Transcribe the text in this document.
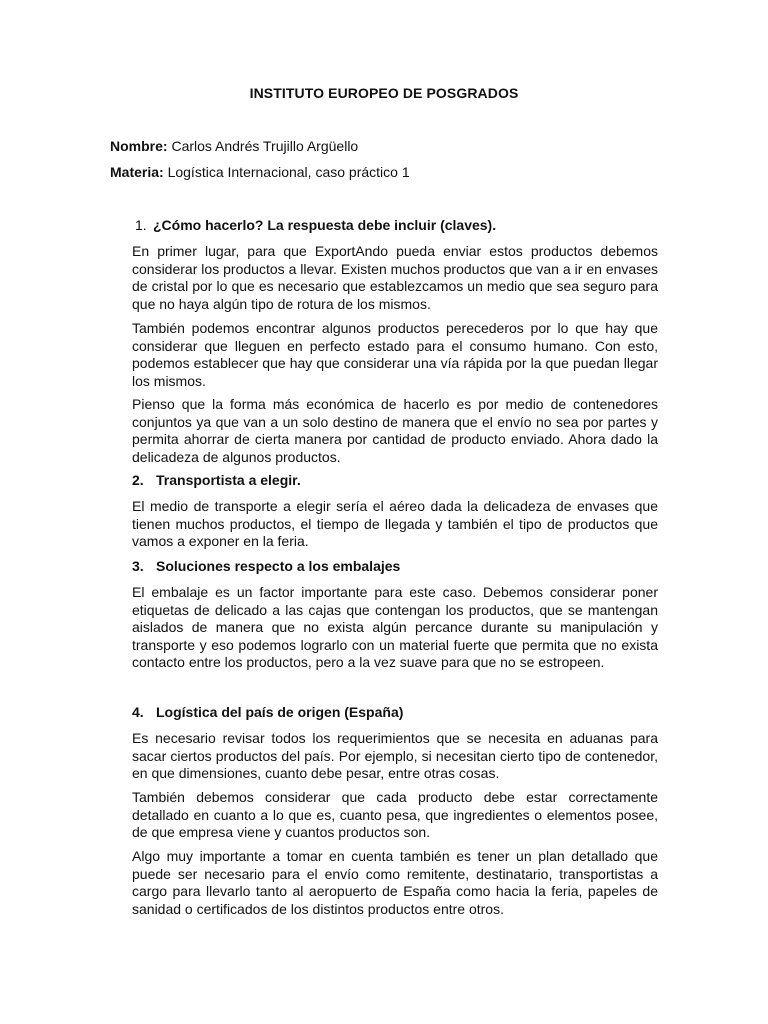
INSTITUTO EUROPEO DE POSGRADOS
Nombre: Carlos Andrés Trujillo Argüello
Materia: Logística Internacional, caso práctico 1
1. ¿Cómo hacerlo? La respuesta debe incluir (claves).

En primer lugar, para que ExportAndo pueda enviar estos productos debemos considerar los productos a llevar. Existen muchos productos que van a ir en envases de cristal por lo que es necesario que establezcamos un medio que sea seguro para que no haya algún tipo de rotura de los mismos.

También podemos encontrar algunos productos perecederos por lo que hay que considerar que lleguen en perfecto estado para el consumo humano. Con esto, podemos establecer que hay que considerar una vía rápida por la que puedan llegar los mismos.

Pienso que la forma más económica de hacerlo es por medio de contenedores conjuntos ya que van a un solo destino de manera que el envío no sea por partes y permita ahorrar de cierta manera por cantidad de producto enviado. Ahora dado la delicadeza de algunos productos.

2. Transportista a elegir.

El medio de transporte a elegir sería el aéreo dada la delicadeza de envases que tienen muchos productos, el tiempo de llegada y también el tipo de productos que vamos a exponer en la feria.

3. Soluciones respecto a los embalajes

El embalaje es un factor importante para este caso. Debemos considerar poner etiquetas de delicado a las cajas que contengan los productos, que se mantengan aislados de manera que no exista algún percance durante su manipulación y transporte y eso podemos lograrlo con un material fuerte que permita que no exista contacto entre los productos, pero a la vez suave para que no se estropeen.

4. Logística del país de origen (España)

Es necesario revisar todos los requerimientos que se necesita en aduanas para sacar ciertos productos del país. Por ejemplo, si necesitan cierto tipo de contenedor, en que dimensiones, cuanto debe pesar, entre otras cosas.

También debemos considerar que cada producto debe estar correctamente detallado en cuanto a lo que es, cuanto pesa, que ingredientes o elementos posee, de que empresa viene y cuantos productos son.

Algo muy importante a tomar en cuenta también es tener un plan detallado que puede ser necesario para el envío como remitente, destinatario, transportistas a cargo para llevarlo tanto al aeropuerto de España como hacia la feria, papeles de sanidad o certificados de los distintos productos entre otros.
